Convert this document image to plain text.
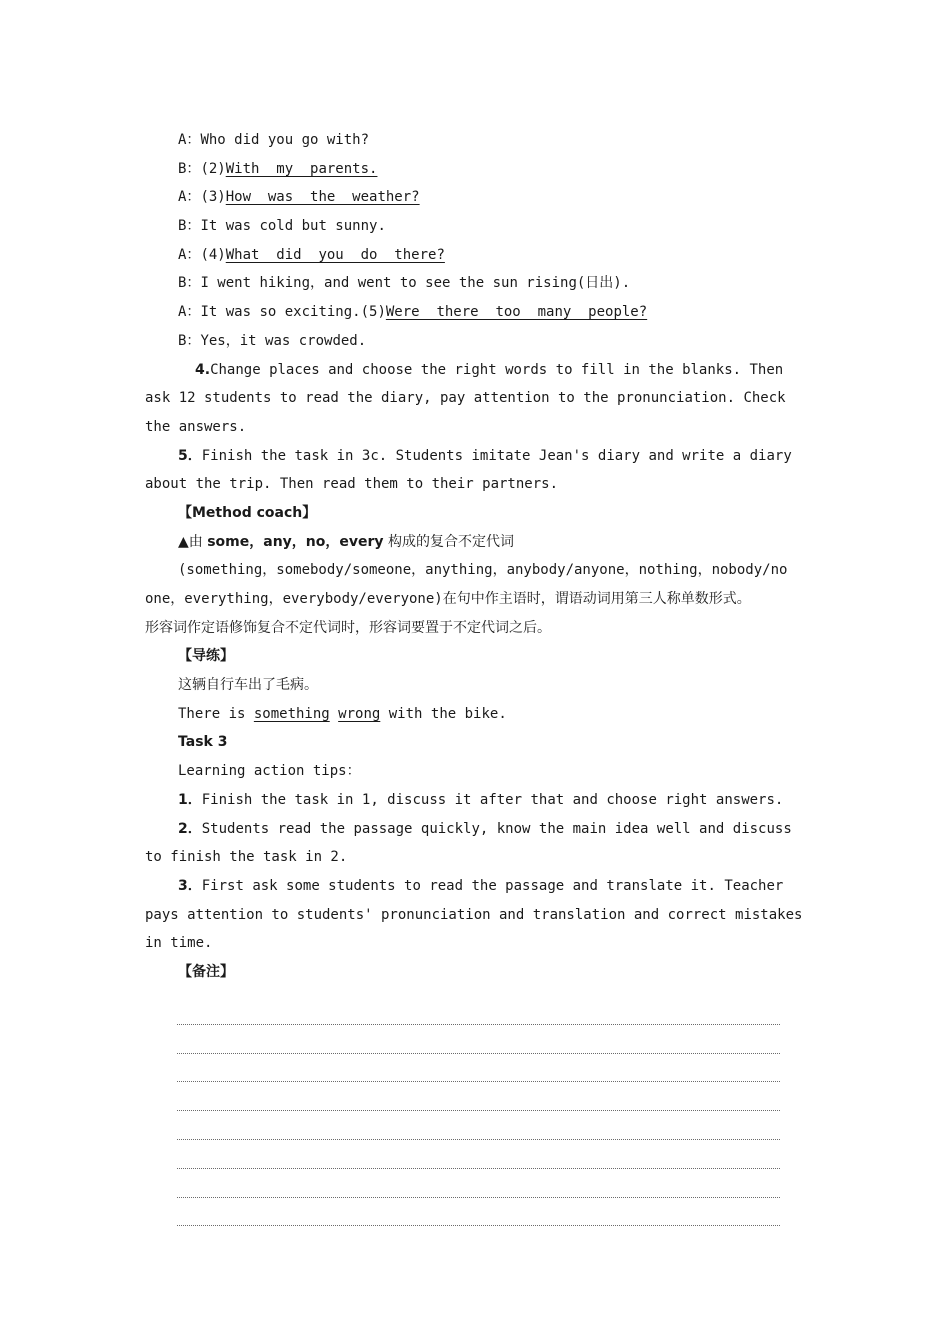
A：Who did you go with?
B：(2)With  my  parents.
A：(3)How  was  the  weather?
B：It was cold but sunny.
A：(4)What  did  you  do  there?
B：I went hiking，and went to see the sun rising(日出).
A：It was so exciting.(5)Were  there  too  many  people?
B：Yes，it was crowded.
4.Change places and choose the right words to fill in the blanks. Then
ask 12 students to read the diary, pay attention to the pronunciation. Check
the answers.
5．Finish the task in 3c. Students imitate Jean's diary and write a diary
about the trip. Then read them to their partners.
【Method coach】
▲由 some，any，no，every 构成的复合不定代词
(something，somebody/someone，anything，anybody/anyone，nothing，nobody/no
one，everything，everybody/everyone)在句中作主语时，谓语动词用第三人称单数形式。
形容词作定语修饰复合不定代词时，形容词要置于不定代词之后。
【导练】
这辆自行车出了毛病。
There is something wrong with the bike.
Task 3
Learning action tips：
1．Finish the task in 1, discuss it after that and choose right answers.
2．Students read the passage quickly, know the main idea well and discuss
to finish the task in 2.
3．First ask some students to read the passage and translate it. Teacher
pays attention to students' pronunciation and translation and correct mistakes
in time.
【备注】
